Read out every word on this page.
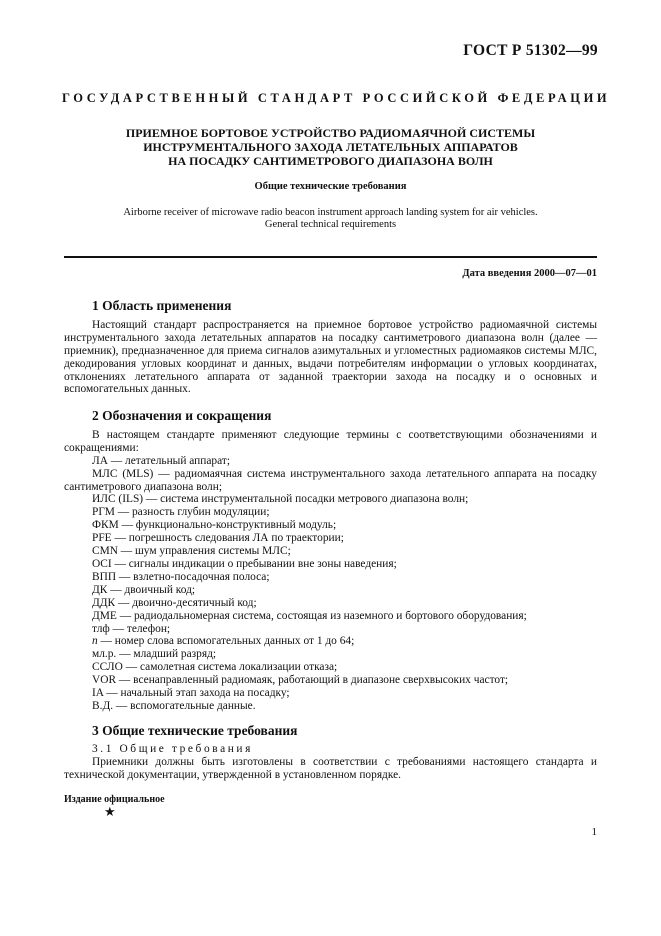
ГОСТ Р 51302—99
ГОСУДАРСТВЕННЫЙ СТАНДАРТ РОССИЙСКОЙ ФЕДЕРАЦИИ
ПРИЕМНОЕ БОРТОВОЕ УСТРОЙСТВО РАДИОМАЯЧНОЙ СИСТЕМЫ
ИНСТРУМЕНТАЛЬНОГО ЗАХОДА ЛЕТАТЕЛЬНЫХ АППАРАТОВ
НА ПОСАДКУ САНТИМЕТРОВОГО ДИАПАЗОНА ВОЛН
Общие технические требования
Airborne receiver of microwave radio beacon instrument approach landing system for air vehicles.
General technical requirements
Дата введения 2000—07—01
1 Область применения

Настоящий стандарт распространяется на приемное бортовое устройство радиомаячной системы инструментального захода летательных аппаратов на посадку сантиметрового диапазона волн (далее — приемник), предназначенное для приема сигналов азимутальных и угломестных радиомаяков системы МЛС, декодирования угловых координат и данных, выдачи потребителям информации о угловых координатах, отклонениях летательного аппарата от заданной траектории захода на посадку и о основных и вспомогательных данных.

2 Обозначения и сокращения

В настоящем стандарте применяют следующие термины с соответствующими обозначениями и сокращениями:

ЛА — летательный аппарат;

МЛС (MLS) — радиомаячная система инструментального захода летательного аппарата на посадку сантиметрового диапазона волн;

ИЛС (ILS) — система инструментальной посадки метрового диапазона волн;

РГМ — разность глубин модуляции;

ФКМ — функционально-конструктивный модуль;

PFE — погрешность следования ЛА по траектории;

CMN — шум управления системы МЛС;

OCI — сигналы индикации о пребывании вне зоны наведения;

ВПП — взлетно-посадочная полоса;

ДК — двоичный код;

ДДК — двоично-десятичный код;

ДМЕ — радиодальномерная система, состоящая из наземного и бортового оборудования;

тлф — телефон;

n — номер слова вспомогательных данных от 1 до 64;

мл.р. — младший разряд;

ССЛО — самолетная система локализации отказа;

VOR — всенаправленный радиомаяк, работающий в диапазоне сверхвысоких частот;

IA — начальный этап захода на посадку;

В.Д. — вспомогательные данные.

3 Общие технические требования

3.1 Общие требования

Приемники должны быть изготовлены в соответствии с требованиями настоящего стандарта и технической документации, утвержденной в установленном порядке.

Издание официальное
★
1
